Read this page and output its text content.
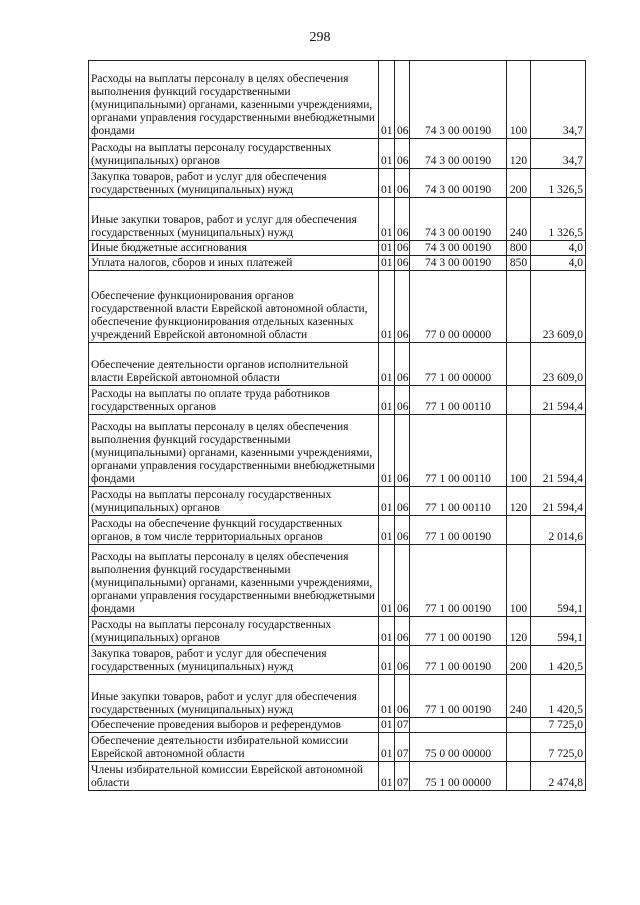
298
Расходы на выплаты персоналу в целях обеспечения выполнения функций государственными (муниципальными) органами, казенными учреждениями, органами управления государственными внебюджетными фондами	01	06	74 3 00 00190	100	34,7
Расходы на выплаты персоналу государственных (муниципальных) органов	01	06	74 3 00 00190	120	34,7
Закупка товаров, работ и услуг для обеспечения государственных (муниципальных) нужд	01	06	74 3 00 00190	200	1 326,5
Иные закупки товаров, работ и услуг для обеспечения государственных (муниципальных) нужд	01	06	74 3 00 00190	240	1 326,5
Иные бюджетные ассигнования	01	06	74 3 00 00190	800	4,0
Уплата налогов, сборов и иных платежей	01	06	74 3 00 00190	850	4,0
Обеспечение функционирования органов государственной власти Еврейской автономной области, обеспечение функционирования отдельных казенных учреждений Еврейской автономной области	01	06	77 0 00 00000		23 609,0
Обеспечение деятельности органов исполнительной власти Еврейской автономной области	01	06	77 1 00 00000		23 609,0
Расходы на выплаты по оплате труда работников государственных органов	01	06	77 1 00 00110		21 594,4
Расходы на выплаты персоналу в целях обеспечения выполнения функций государственными (муниципальными) органами, казенными учреждениями, органами управления государственными внебюджетными фондами	01	06	77 1 00 00110	100	21 594,4
Расходы на выплаты персоналу государственных (муниципальных) органов	01	06	77 1 00 00110	120	21 594,4
Расходы на обеспечение функций государственных органов, в том числе территориальных органов	01	06	77 1 00 00190		2 014,6
Расходы на выплаты персоналу в целях обеспечения выполнения функций государственными (муниципальными) органами, казенными учреждениями, органами управления государственными внебюджетными фондами	01	06	77 1 00 00190	100	594,1
Расходы на выплаты персоналу государственных (муниципальных) органов	01	06	77 1 00 00190	120	594,1
Закупка товаров, работ и услуг для обеспечения государственных (муниципальных) нужд	01	06	77 1 00 00190	200	1 420,5
Иные закупки товаров, работ и услуг для обеспечения государственных (муниципальных) нужд	01	06	77 1 00 00190	240	1 420,5
Обеспечение проведения выборов и референдумов	01	07			7 725,0
Обеспечение деятельности избирательной комиссии Еврейской автономной области	01	07	75 0 00 00000		7 725,0
Члены избирательной комиссии Еврейской автономной области	01	07	75 1 00 00000		2 474,8
